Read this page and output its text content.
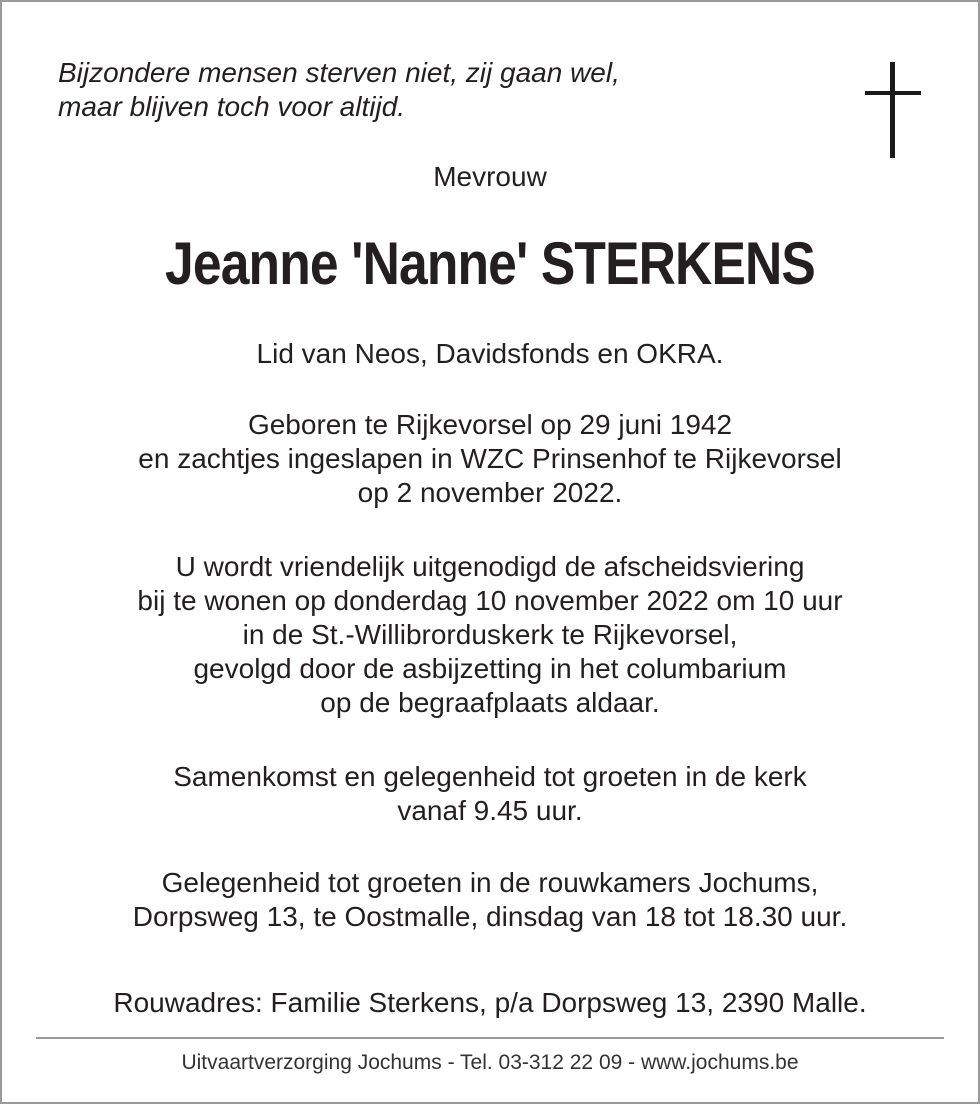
Bijzondere mensen sterven niet, zij gaan wel,
maar blijven toch voor altijd.
Mevrouw
Jeanne 'Nanne' STERKENS
Lid van Neos, Davidsfonds en OKRA.
Geboren te Rijkevorsel op 29 juni 1942
en zachtjes ingeslapen in WZC Prinsenhof te Rijkevorsel
op 2 november 2022.
U wordt vriendelijk uitgenodigd de afscheidsviering
bij te wonen op donderdag 10 november 2022 om 10 uur
in de St.-Willibrorduskerk te Rijkevorsel,
gevolgd door de asbijzetting in het columbarium
op de begraafplaats aldaar.
Samenkomst en gelegenheid tot groeten in de kerk
vanaf 9.45 uur.
Gelegenheid tot groeten in de rouwkamers Jochums,
Dorpsweg 13, te Oostmalle, dinsdag van 18 tot 18.30 uur.
Rouwadres: Familie Sterkens, p/a Dorpsweg 13, 2390 Malle.
Uitvaartverzorging Jochums - Tel. 03-312 22 09 - www.jochums.be
